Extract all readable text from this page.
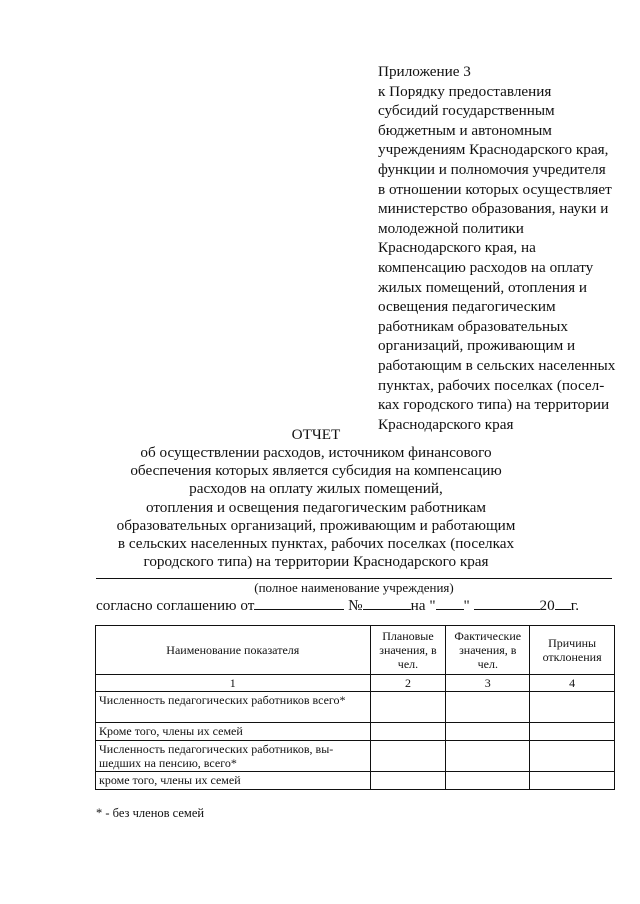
Приложение 3
к Порядку предоставления
субсидий государственным
бюджетным и автономным
учреждениям Краснодарского края,
функции и полномочия учредителя
в отношении которых осуществляет
министерство образования, науки и
молодежной политики
Краснодарского края, на
компенсацию расходов на оплату
жилых помещений, отопления и
освещения педагогическим
работникам образовательных
организаций, проживающим и
работающим в сельских населенных
пунктах, рабочих поселках (посел-
ках городского типа) на территории
Краснодарского края
ОТЧЕТ
об осуществлении расходов, источником финансового
обеспечения которых является субсидия на компенсацию
расходов на оплату жилых помещений,
отопления и освещения педагогическим работникам
образовательных организаций, проживающим и работающим
в сельских населенных пунктах, рабочих поселках (поселках
городского типа) на территории Краснодарского края
(полное наименование учреждения)
согласно соглашению от	№	на " "	20 г.
Наименование показателя	Плановые значения, в чел.	Фактические значения, в чел.	Причины отклонения
1	2	3	4
Численность педагогических работников всего*			
Кроме того, члены их семей			
Численность педагогических работников, вы-шедших на пенсию, всего*			
кроме того, члены их семей			
* - без членов семей
